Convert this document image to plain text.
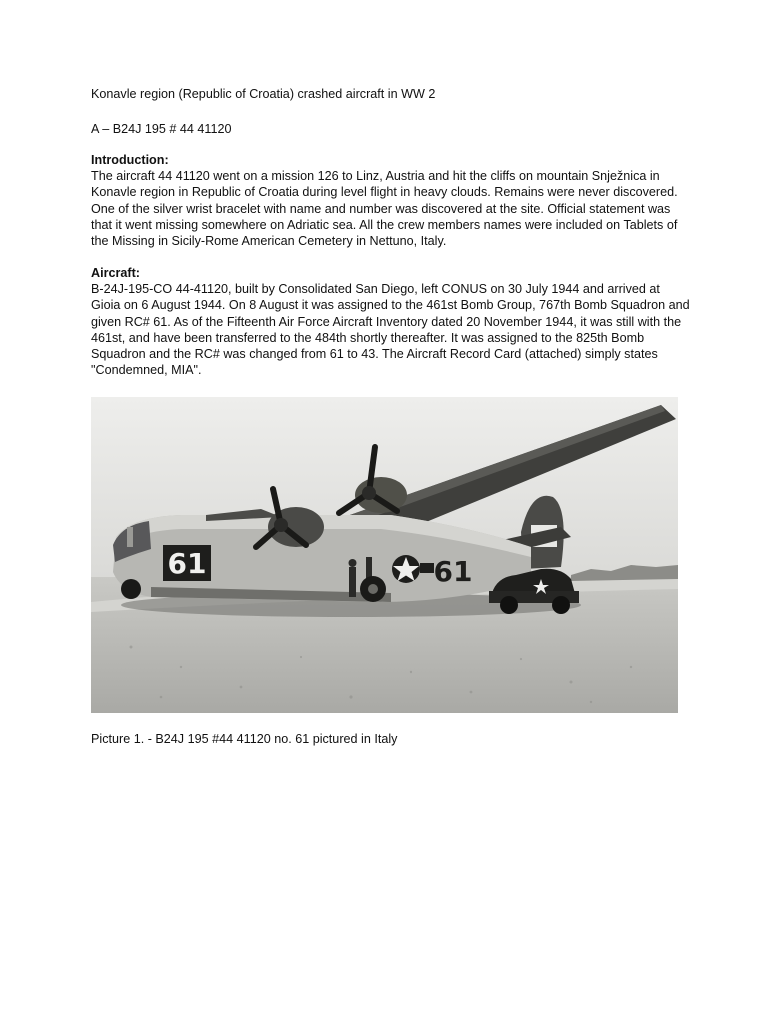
Konavle region (Republic of Croatia) crashed aircraft in WW 2
A – B24J 195 # 44 41120
Introduction:
The aircraft 44 41120 went on a mission 126 to Linz, Austria and hit the cliffs on mountain Snježnica in Konavle region in Republic of Croatia during level flight in heavy clouds. Remains were never discovered. One of the silver wrist bracelet with name and number was discovered at the site. Official statement was that it went missing somewhere on Adriatic sea. All the crew members names were included on Tablets of the Missing in Sicily-Rome American Cemetery in Nettuno, Italy.
Aircraft:
B-24J-195-CO 44-41120, built by Consolidated San Diego, left CONUS on 30 July 1944 and arrived at Gioia on 6 August 1944. On 8 August it was assigned to the 461st Bomb Group, 767th Bomb Squadron and given RC# 61. As of the Fifteenth Air Force Aircraft Inventory dated 20 November 1944, it was still with the 461st, and have been transferred to the 484th shortly thereafter. It was assigned to the 825th Bomb Squadron and the RC# was changed from 61 to 43. The Aircraft Record Card (attached) simply states "Condemned, MIA".
61	61
Picture 1. - B24J 195 #44 41120 no. 61 pictured in Italy
